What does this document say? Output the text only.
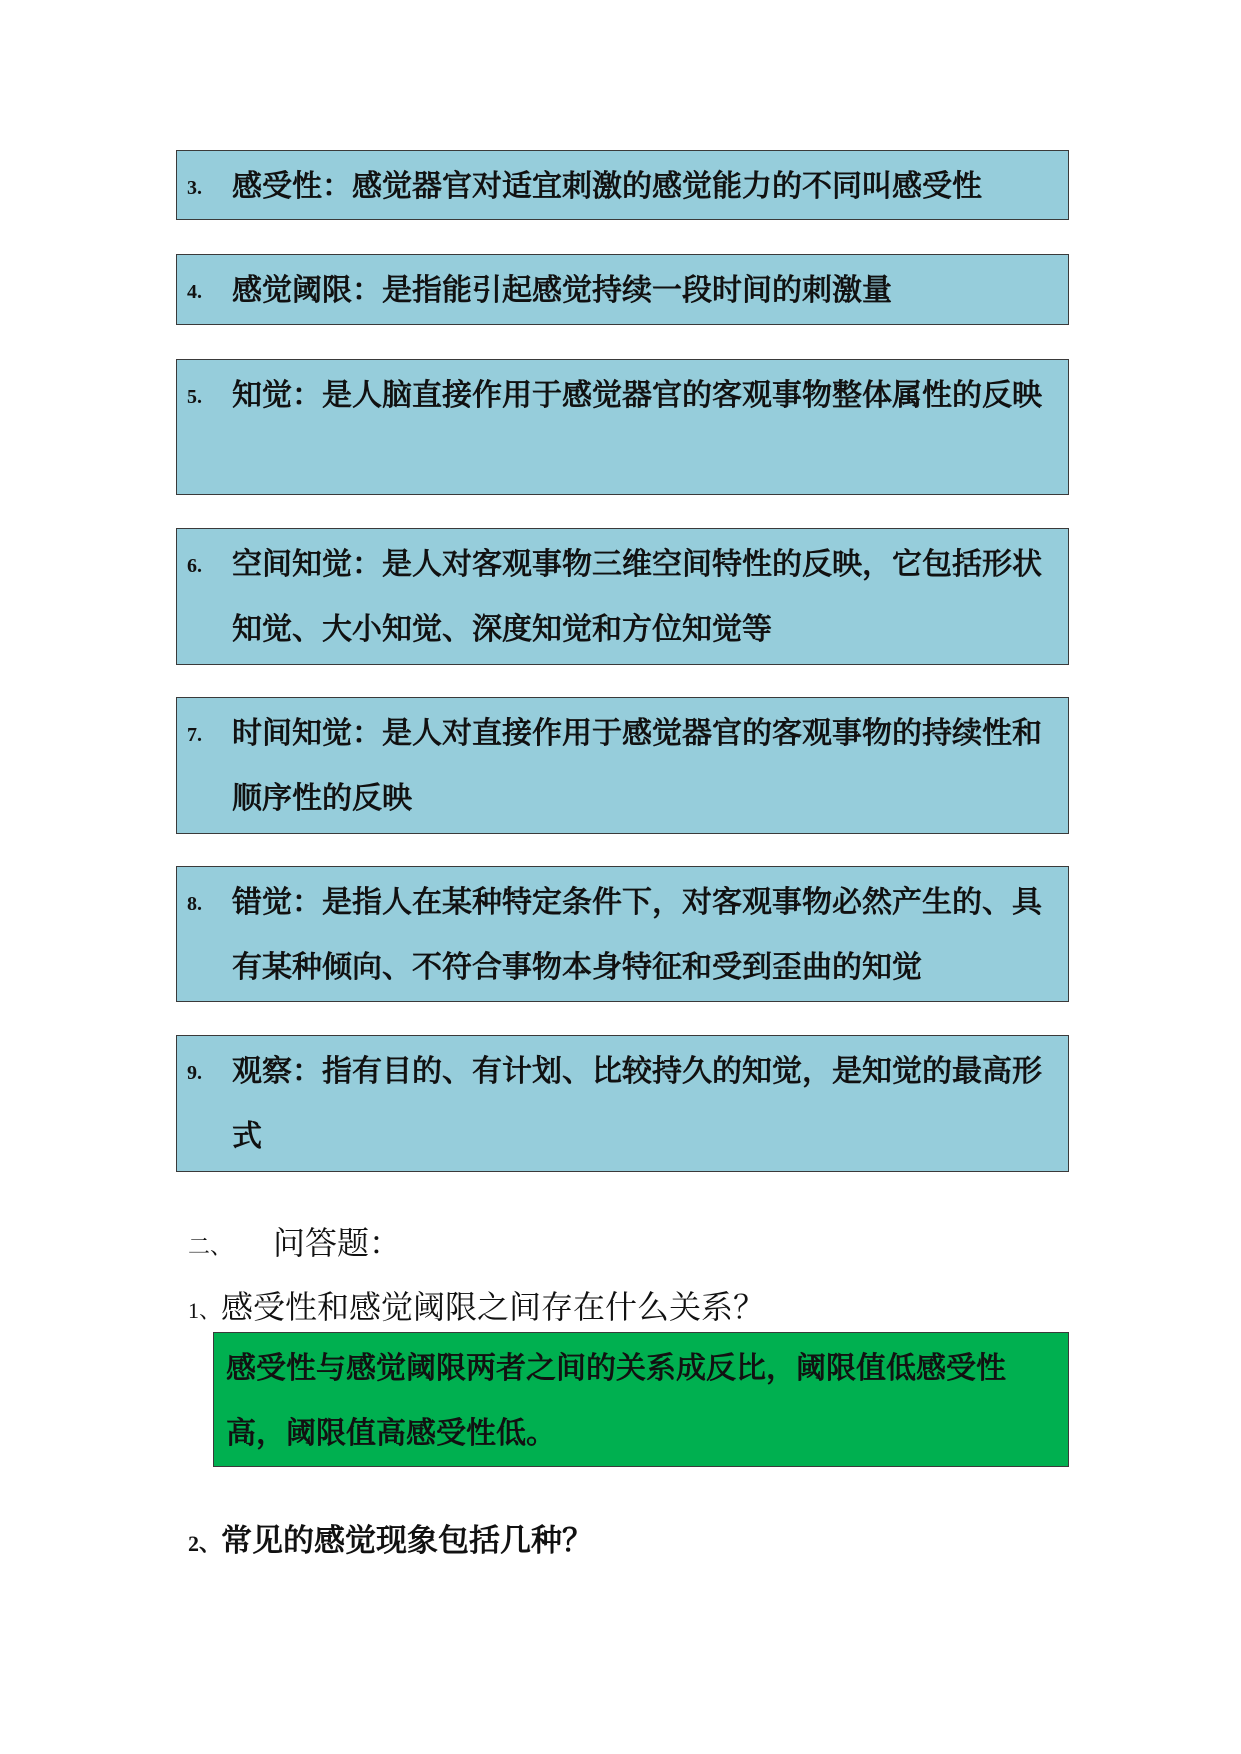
3. 感受性：感觉器官对适宜刺激的感觉能力的不同叫感受性
4. 感觉阈限：是指能引起感觉持续一段时间的刺激量
5. 知觉：是人脑直接作用于感觉器官的客观事物整体属性的反映
6. 空间知觉：是人对客观事物三维空间特性的反映，它包括形状知觉、大小知觉、深度知觉和方位知觉等
7. 时间知觉：是人对直接作用于感觉器官的客观事物的持续性和顺序性的反映
8. 错觉：是指人在某种特定条件下，对客观事物必然产生的、具有某种倾向、不符合事物本身特征和受到歪曲的知觉
9. 观察：指有目的、有计划、比较持久的知觉，是知觉的最高形式
二、 问答题：
1、感受性和感觉阈限之间存在什么关系？
感受性与感觉阈限两者之间的关系成反比，阈限值低感受性高，阈限值高感受性低。
2、常见的感觉现象包括几种？
